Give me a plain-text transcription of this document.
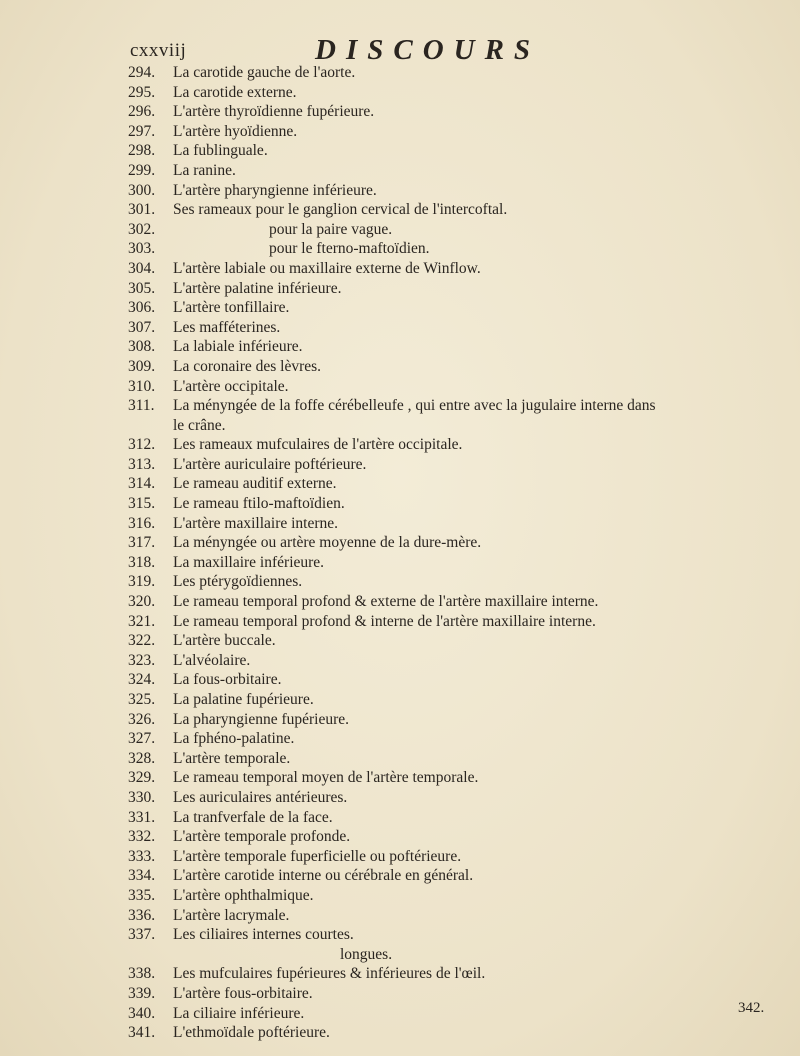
cxxviij	DISCOURS
294.	La carotide gauche de l'aorte.
295.	La carotide externe.
296.	L'artère thyroïdienne fupérieure.
297.	L'artère hyoïdienne.
298.	La fublinguale.
299.	La ranine.
300.	L'artère pharyngienne inférieure.
301.	Ses rameaux pour le ganglion cervical de l'intercoftal.
302.	pour la paire vague.
303.	pour le fterno-maftoïdien.
304.	L'artère labiale ou maxillaire externe de Winflow.
305.	L'artère palatine inférieure.
306.	L'artère tonfillaire.
307.	Les mafféterines.
308.	La labiale inférieure.
309.	La coronaire des lèvres.
310.	L'artère occipitale.
311.	La ményngée de la foffe cérébelleufe , qui entre avec la jugulaire interne dans
le crâne.
312.	Les rameaux mufculaires de l'artère occipitale.
313.	L'artère auriculaire poftérieure.
314.	Le rameau auditif externe.
315.	Le rameau ftilo-maftoïdien.
316.	L'artère maxillaire interne.
317.	La ményngée ou artère moyenne de la dure-mère.
318.	La maxillaire inférieure.
319.	Les ptérygoïdiennes.
320.	Le rameau temporal profond & externe de l'artère maxillaire interne.
321.	Le rameau temporal profond & interne de l'artère maxillaire interne.
322.	L'artère buccale.
323.	L'alvéolaire.
324.	La fous-orbitaire.
325.	La palatine fupérieure.
326.	La pharyngienne fupérieure.
327.	La fphéno-palatine.
328.	L'artère temporale.
329.	Le rameau temporal moyen de l'artère temporale.
330.	Les auriculaires antérieures.
331.	La tranfverfale de la face.
332.	L'artère temporale profonde.
333.	L'artère temporale fuperficielle ou poftérieure.
334.	L'artère carotide interne ou cérébrale en général.
335.	L'artère ophthalmique.
336.	L'artère lacrymale.
337.	Les ciliaires internes courtes.
longues.
338.	Les mufculaires fupérieures & inférieures de l'œil.
339.	L'artère fous-orbitaire.
340.	La ciliaire inférieure.
341.	L'ethmoïdale poftérieure.
342.
